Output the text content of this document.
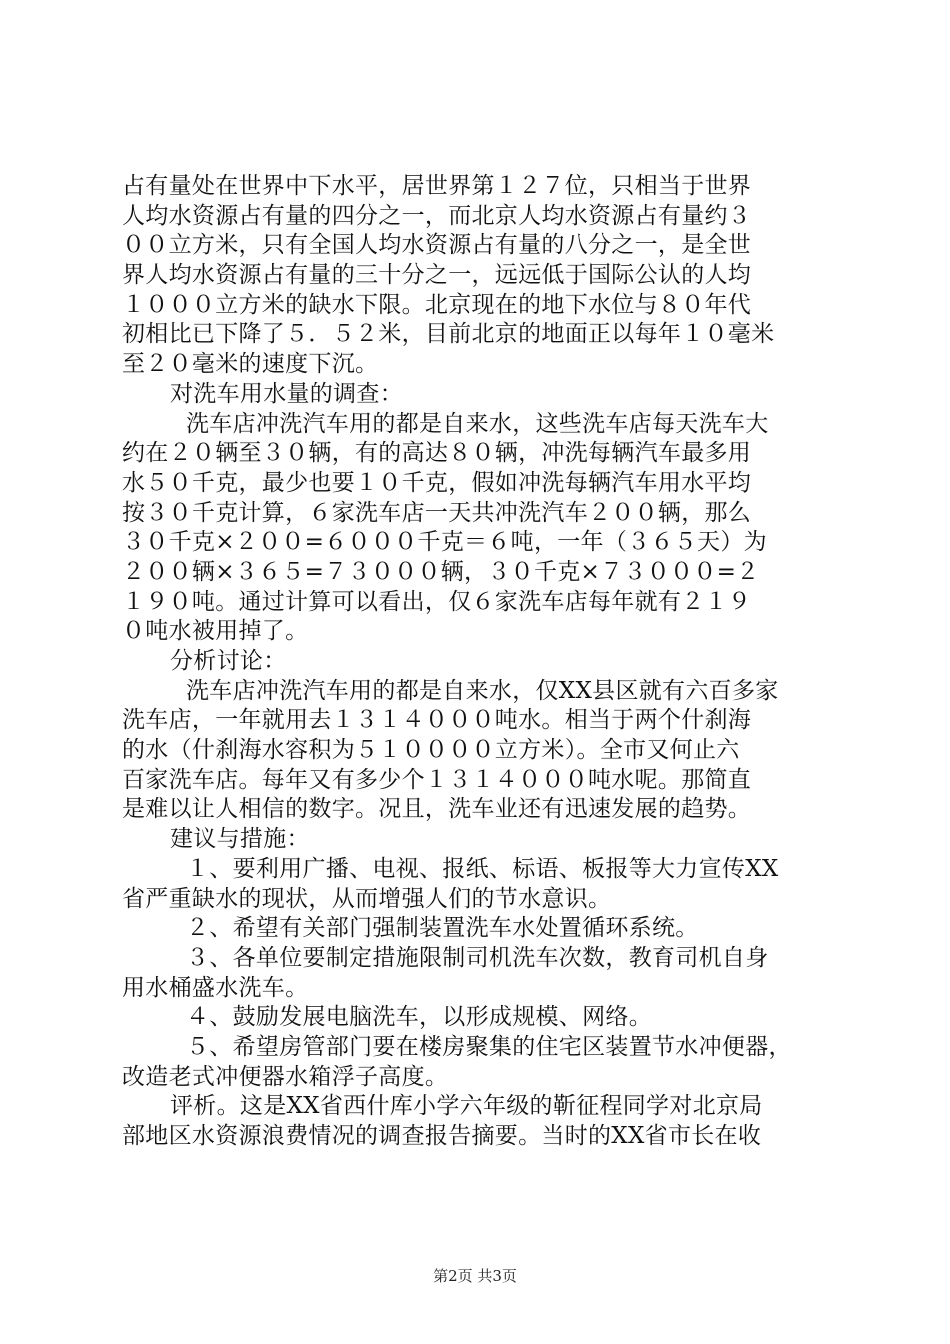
占有量处在世界中下水平，居世界第１２７位，只相当于世界
人均水资源占有量的四分之一，而北京人均水资源占有量约３
００立方米，只有全国人均水资源占有量的八分之一，是全世
界人均水资源占有量的三十分之一，远远低于国际公认的人均
１０００立方米的缺水下限。北京现在的地下水位与８０年代
初相比已下降了５．５２米，目前北京的地面正以每年１０毫米
至２０毫米的速度下沉。
对洗车用水量的调查：
洗车店冲洗汽车用的都是自来水，这些洗车店每天洗车大
约在２０辆至３０辆，有的高达８０辆，冲洗每辆汽车最多用
水５０千克，最少也要１０千克，假如冲洗每辆汽车用水平均
按３０千克计算，６家洗车店一天共冲洗汽车２００辆，那么
３０千克×２００=６０００千克＝６吨，一年（３６５天）为
２００辆×３６５=７３０００辆，３０千克×７３０００=２
１９０吨。通过计算可以看出，仅６家洗车店每年就有２１９
０吨水被用掉了。
分析讨论：
洗车店冲洗汽车用的都是自来水，仅XX县区就有六百多家
洗车店，一年就用去１３１４０００吨水。相当于两个什刹海
的水（什刹海水容积为５１００００立方米）。全市又何止六
百家洗车店。每年又有多少个１３１４０００吨水呢。那简直
是难以让人相信的数字。况且，洗车业还有迅速发展的趋势。
建议与措施：
１、要利用广播、电视、报纸、标语、板报等大力宣传XX
省严重缺水的现状，从而增强人们的节水意识。
２、希望有关部门强制装置洗车水处置循环系统。
３、各单位要制定措施限制司机洗车次数，教育司机自身
用水桶盛水洗车。
４、鼓励发展电脑洗车，以形成规模、网络。
５、希望房管部门要在楼房聚集的住宅区装置节水冲便器，
改造老式冲便器水箱浮子高度。
评析。这是XX省西什库小学六年级的靳征程同学对北京局
部地区水资源浪费情况的调查报告摘要。当时的XX省市长在收
第2页 共3页
